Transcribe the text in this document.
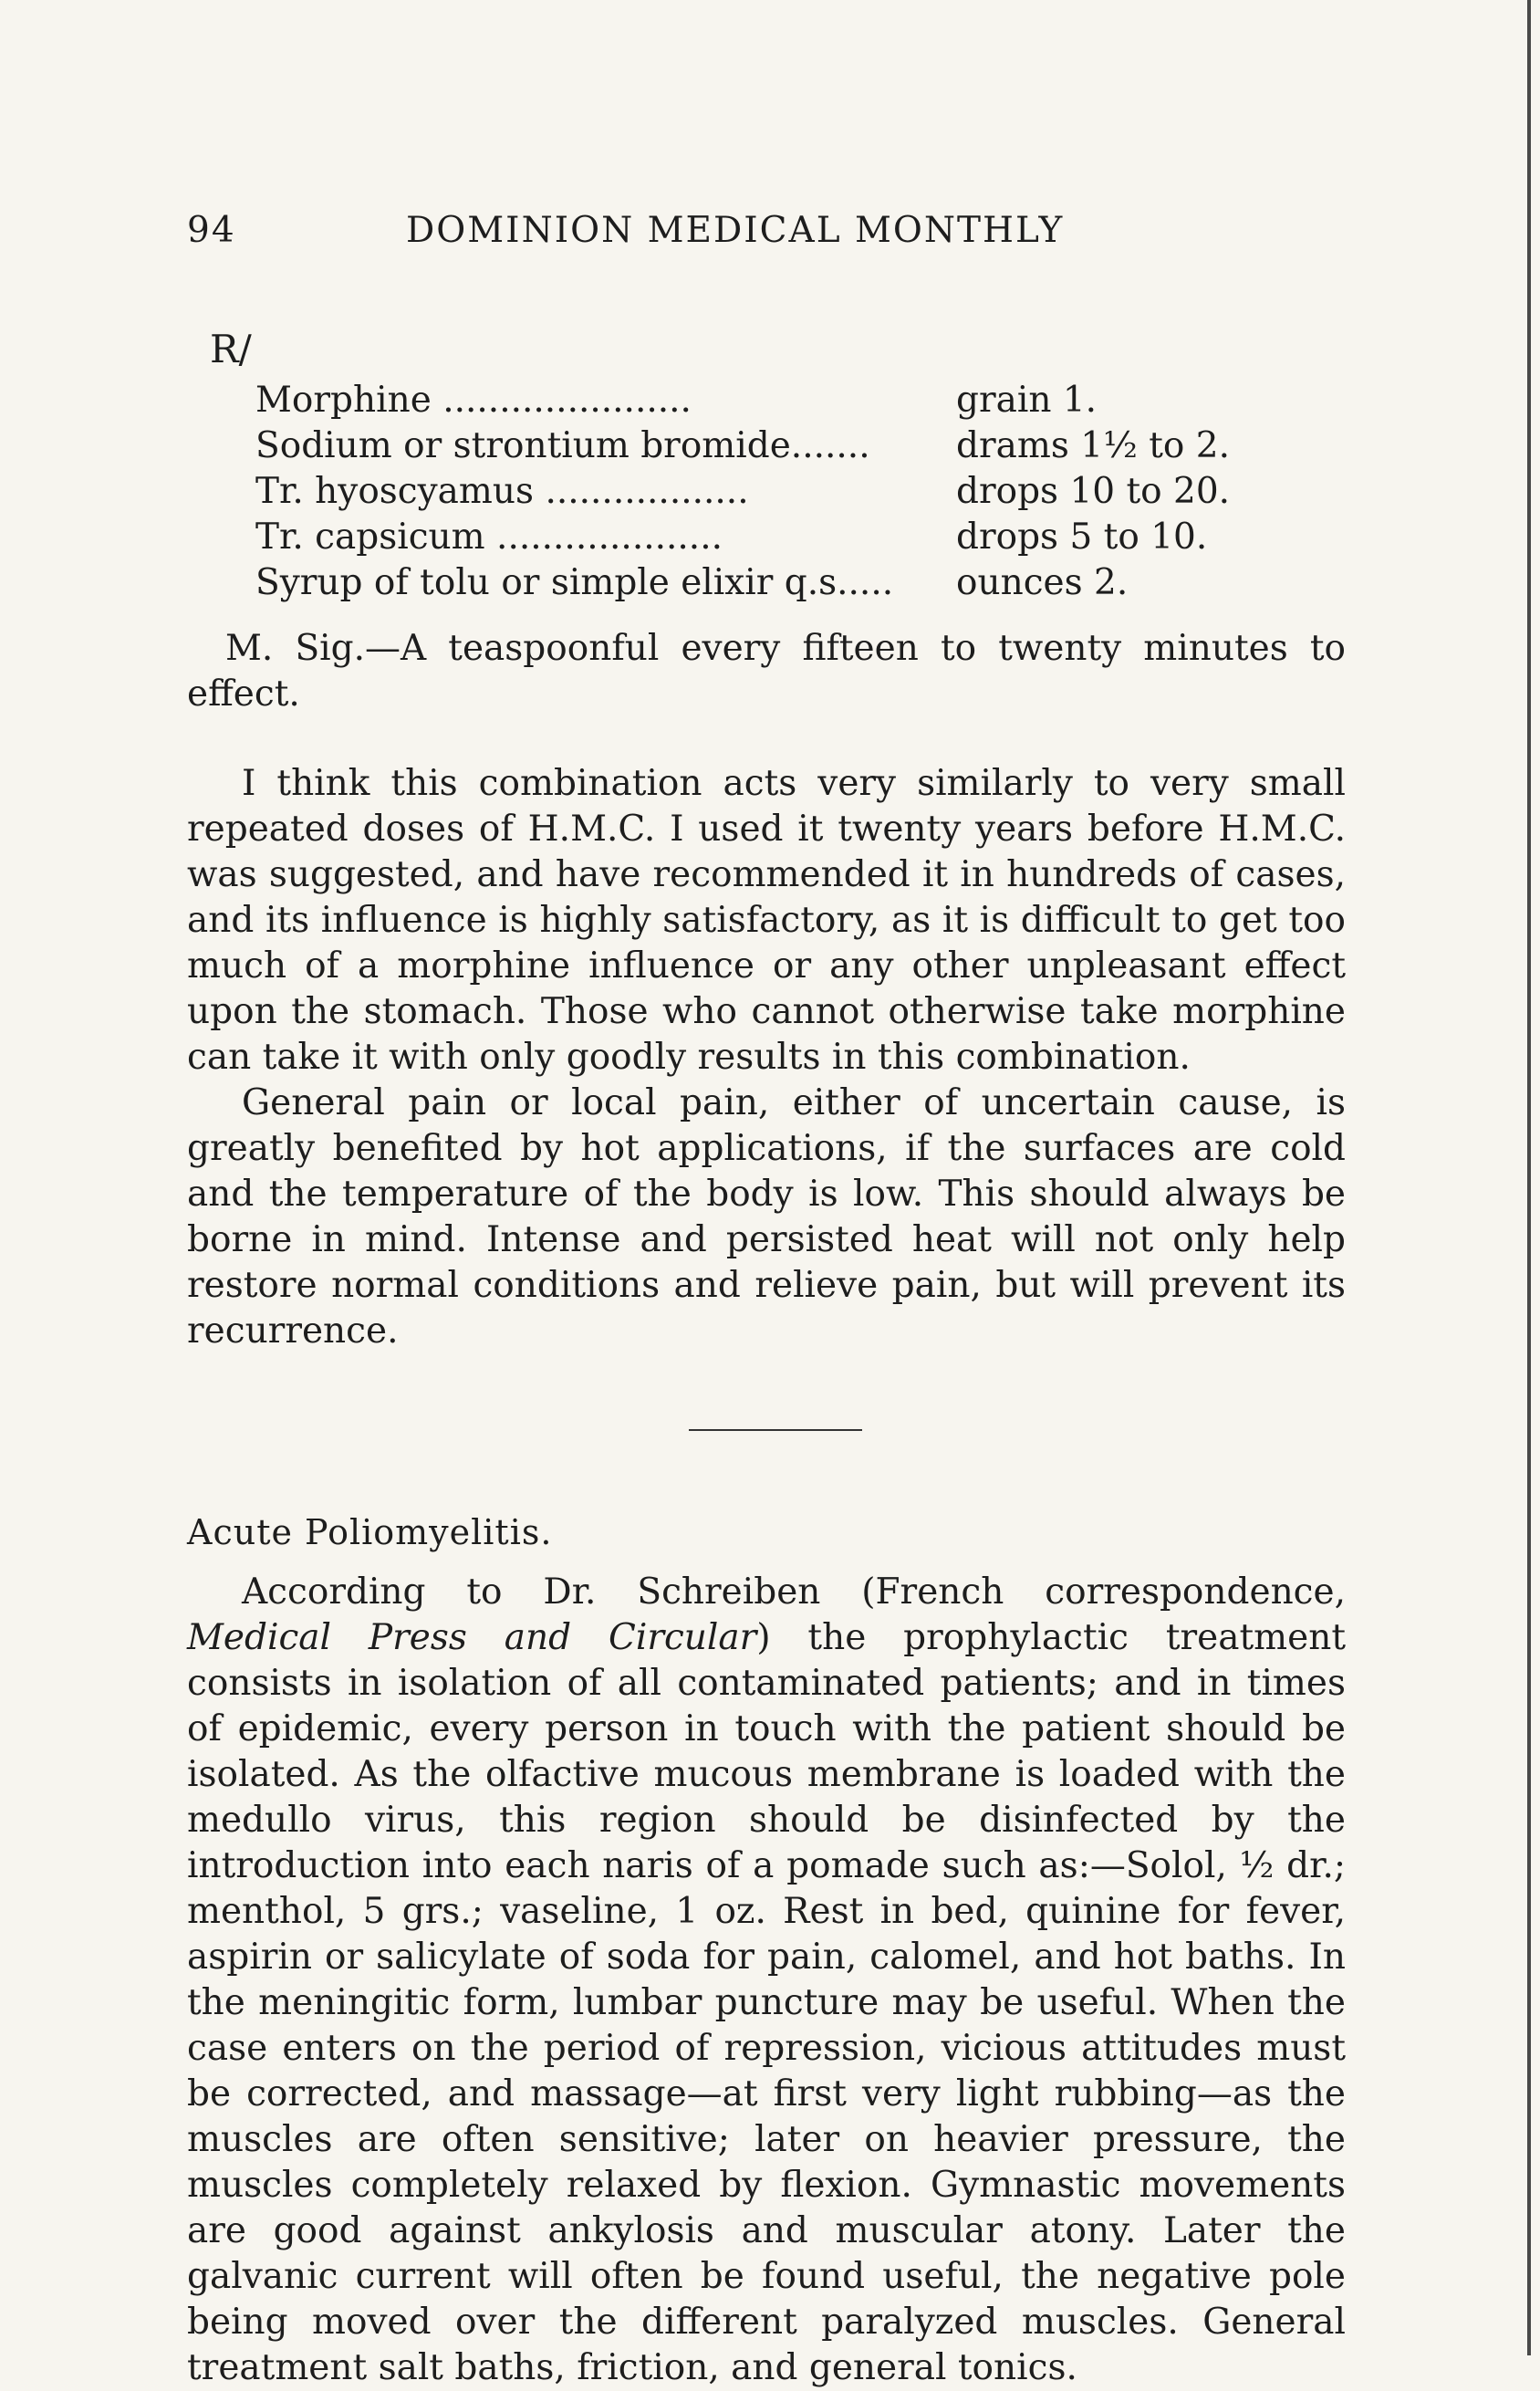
94	DOMINION MEDICAL MONTHLY
R/
Morphine ......................	grain 1.
Sodium or strontium bromide.......	drams 1½ to 2.
Tr. hyoscyamus ..................	drops 10 to 20.
Tr. capsicum ....................	drops 5 to 10.
Syrup of tolu or simple elixir q.s.....	ounces 2.

M. Sig.—A teaspoonful every fifteen to twenty minutes to effect.

I think this combination acts very similarly to very small repeated doses of H.M.C. I used it twenty years before H.M.C. was suggested, and have recommended it in hundreds of cases, and its influence is highly satisfactory, as it is difficult to get too much of a morphine influence or any other unpleasant effect upon the stomach. Those who cannot otherwise take morphine can take it with only goodly results in this combination.

General pain or local pain, either of uncertain cause, is greatly benefited by hot applications, if the surfaces are cold and the temperature of the body is low. This should always be borne in mind. Intense and persisted heat will not only help restore normal conditions and relieve pain, but will prevent its recurrence.

Acute Poliomyelitis.

According to Dr. Schreiben (French correspondence, Medical Press and Circular) the prophylactic treatment consists in isolation of all contaminated patients; and in times of epidemic, every person in touch with the patient should be isolated. As the olfactive mucous membrane is loaded with the medullo virus, this region should be disinfected by the introduction into each naris of a pomade such as:—Solol, ½ dr.; menthol, 5 grs.; vaseline, 1 oz. Rest in bed, quinine for fever, aspirin or salicylate of soda for pain, calomel, and hot baths. In the meningitic form, lumbar puncture may be useful. When the case enters on the period of repression, vicious attitudes must be corrected, and massage—at first very light rubbing—as the muscles are often sensitive; later on heavier pressure, the muscles completely relaxed by flexion. Gymnastic movements are good against ankylosis and muscular atony. Later the galvanic current will often be found useful, the negative pole being moved over the different paralyzed muscles. General treatment salt baths, friction, and general tonics.
